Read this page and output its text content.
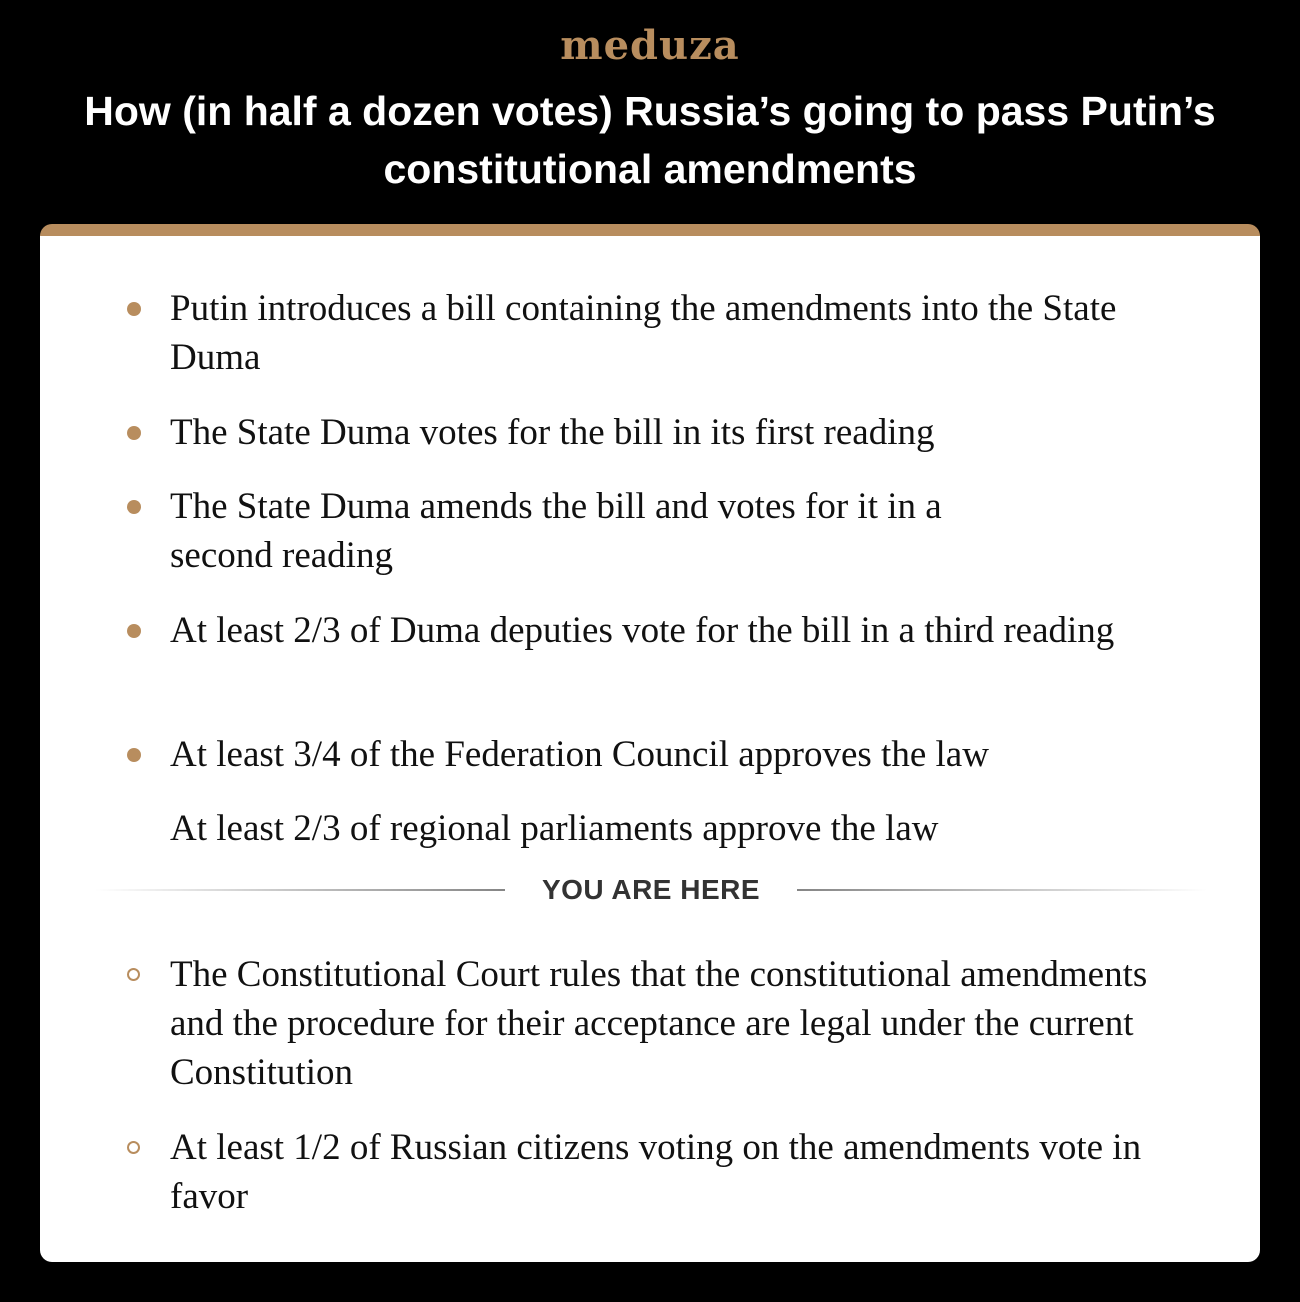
meduza
How (in half a dozen votes) Russia’s going to pass Putin’s constitutional amendments
Putin introduces a bill containing the amendments into the State Duma
The State Duma votes for the bill in its first reading
The State Duma amends the bill and votes for it in a second reading
At least 2/3 of Duma deputies vote for the bill in a third reading
At least 3/4 of the Federation Council approves the law
At least 2/3 of regional parliaments approve the law
YOU ARE HERE
The Constitutional Court rules that the constitutional amendments and the procedure for their acceptance are legal under the current Constitution
At least 1/2 of Russian citizens voting on the amendments vote in favor
